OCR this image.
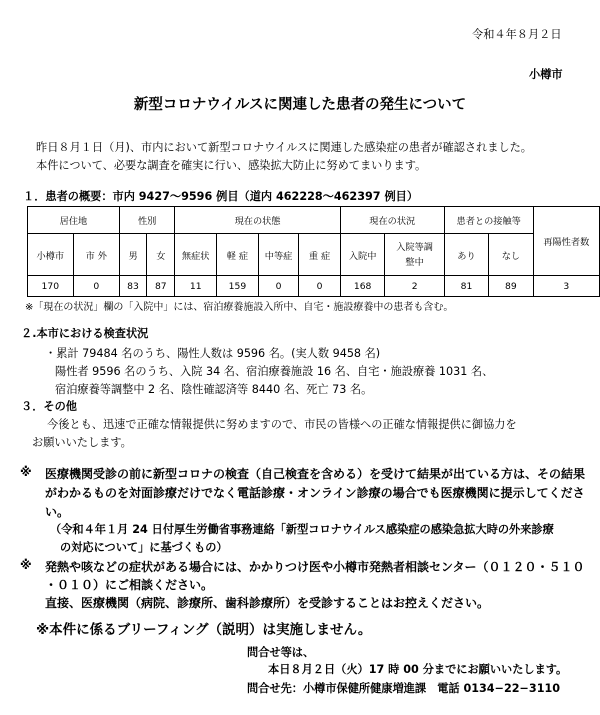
令和４年８月２日
小樽市
新型コロナウイルスに関連した患者の発生について
昨日８月１日（月)、市内において新型コロナウイルスに関連した感染症の患者が確認されました。
本件について、必要な調査を確実に行い、感染拡大防止に努めてまいります。
１．患者の概要：市内 9427〜9596 例目（道内 462228〜462397 例目）
居住地		性別		現在の状態				現在の状況		患者との接触等		再陽性者数
小樽市	市 外	男	女	無症状	軽 症	中等症	重 症	入院中	入院等調整中	あり	なし	
170	0	83	87	11	159	0	0	168	2	81	89	3
※「現在の状況」欄の「入院中」には、宿泊療養施設入所中、自宅・施設療養中の患者も含む。
２.本市における検査状況
・累計 79484 名のうち、陽性人数は 9596 名。(実人数 9458 名)
陽性者 9596 名のうち、入院 34 名、宿泊療養施設 16 名、自宅・施設療養 1031 名、
宿泊療養等調整中 2 名、陰性確認済等 8440 名、死亡 73 名。
３．その他
今後とも、迅速で正確な情報提供に努めますので、市民の皆様への正確な情報提供に御協力を
お願いいたします。
※ 医療機関受診の前に新型コロナの検査（自己検査を含める）を受けて結果が出ている方は、その結果
がわかるものを対面診療だけでなく電話診療・オンライン診療の場合でも医療機関に提示してくださ
い。
（令和４年１月 24 日付厚生労働省事務連絡「新型コロナウイルス感染症の感染急拡大時の外来診療
の対応について」に基づくもの）
※ 発熱や咳などの症状がある場合には、かかりつけ医や小樽市発熱者相談センター（０１２０・５１０
・０１０）にご相談ください。
直接、医療機関（病院、診療所、歯科診療所）を受診することはお控えください。
※本件に係るブリーフィング（説明）は実施しません。
問合せ等は、
本日８月２日（火）17 時 00 分までにお願いいたします。
問合せ先：小樽市保健所健康増進課　電話 0134−22−3110
